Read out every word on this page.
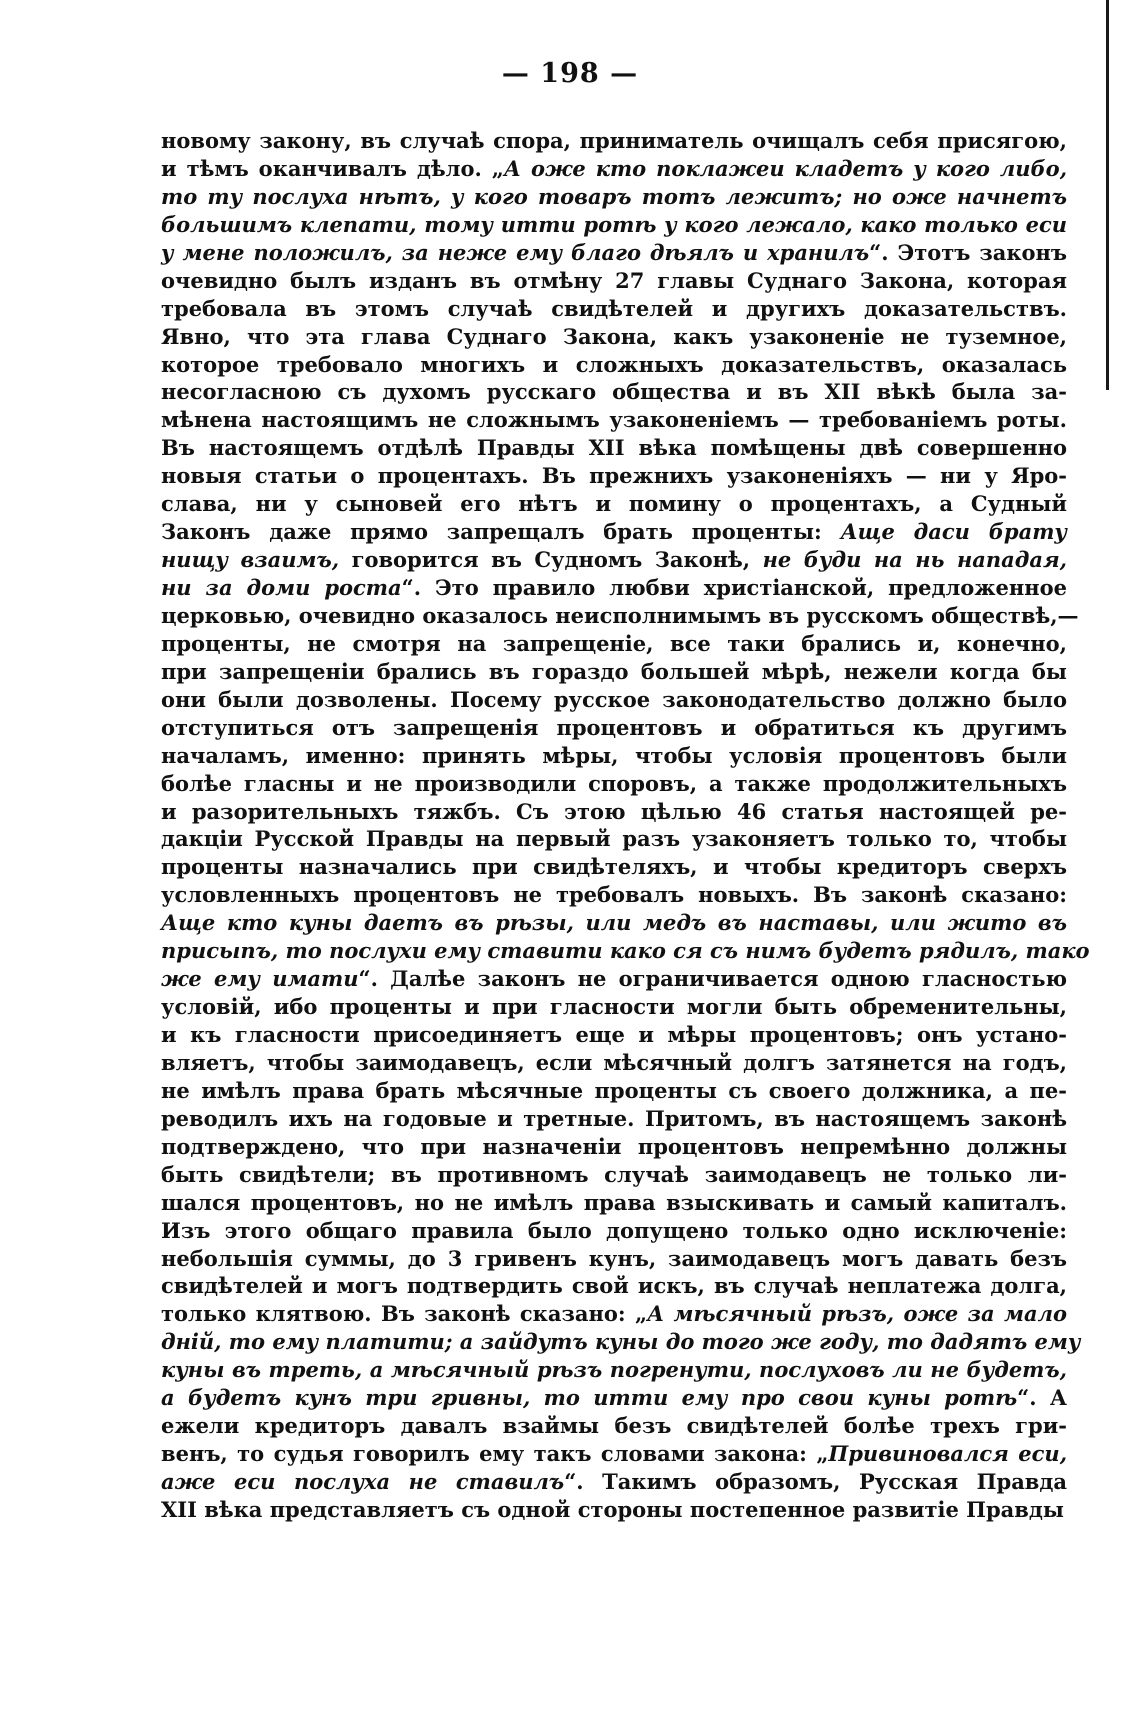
— 198 —
новому закону, въ случаѣ спора, приниматель очищалъ себя присягою,
и тѣмъ оканчивалъ дѣло. „А оже кто поклажеи кладетъ у кого либо,
то ту послуха нѣтъ, у кого товаръ тотъ лежитъ; но оже начнетъ
большимъ клепати, тому итти ротѣ у кого лежало, како только еси
у мене положилъ, за неже ему благо дѣялъ и хранилъ“. Этотъ законъ
очевидно былъ изданъ въ отмѣну 27 главы Суднаго Закона, которая
требовала въ этомъ случаѣ свидѣтелей и другихъ доказательствъ.
Явно, что эта глава Суднаго Закона, какъ узаконеніе не туземное,
которое требовало многихъ и сложныхъ доказательствъ, оказалась
несогласною съ духомъ русскаго общества и въ XII вѣкѣ была за-
мѣнена настоящимъ не сложнымъ узаконеніемъ — требованіемъ роты.
Въ настоящемъ отдѣлѣ Правды XII вѣка помѣщены двѣ совершенно
новыя статьи о процентахъ. Въ прежнихъ узаконеніяхъ — ни у Яро-
слава, ни у сыновей его нѣтъ и помину о процентахъ, а Судный
Законъ даже прямо запрещалъ брать проценты: Аще даси брату
нищу взаимъ, говорится въ Судномъ Законѣ, не буди на нь нападая,
ни за доми роста“. Это правило любви христіанской, предложенное
церковью, очевидно оказалось неисполнимымъ въ русскомъ обществѣ,—
проценты, не смотря на запрещеніе, все таки брались и, конечно,
при запрещеніи брались въ гораздо большей мѣрѣ, нежели когда бы
они были дозволены. Посему русское законодательство должно было
отступиться отъ запрещенія процентовъ и обратиться къ другимъ
началамъ, именно: принять мѣры, чтобы условія процентовъ были
болѣе гласны и не производили споровъ, а также продолжительныхъ
и разорительныхъ тяжбъ. Съ этою цѣлью 46 статья настоящей ре-
дакціи Русской Правды на первый разъ узаконяетъ только то, чтобы
проценты назначались при свидѣтеляхъ, и чтобы кредиторъ сверхъ
условленныхъ процентовъ не требовалъ новыхъ. Въ законѣ сказано:
Аще кто куны даетъ въ рѣзы, или медъ въ наставы, или жито въ
присыпъ, то послухи ему ставити како ся съ нимъ будетъ рядилъ, тако
же ему имати“. Далѣе законъ не ограничивается одною гласностью
условій, ибо проценты и при гласности могли быть обременительны,
и къ гласности присоединяетъ еще и мѣры процентовъ; онъ устано-
вляетъ, чтобы заимодавецъ, если мѣсячный долгъ затянется на годъ,
не имѣлъ права брать мѣсячные проценты съ своего должника, а пе-
реводилъ ихъ на годовые и третные. Притомъ, въ настоящемъ законѣ
подтверждено, что при назначеніи процентовъ непремѣнно должны
быть свидѣтели; въ противномъ случаѣ заимодавецъ не только ли-
шался процентовъ, но не имѣлъ права взыскивать и самый капиталъ.
Изъ этого общаго правила было допущено только одно исключеніе:
небольшія суммы, до 3 гривенъ кунъ, заимодавецъ могъ давать безъ
свидѣтелей и могъ подтвердить свой искъ, въ случаѣ неплатежа долга,
только клятвою. Въ законѣ сказано: „А мѣсячный рѣзъ, оже за мало
дній, то ему платити; а зайдутъ куны до того же году, то дадятъ ему
куны въ треть, а мѣсячный рѣзъ погренути, послуховъ ли не будетъ,
а будетъ кунъ три гривны, то итти ему про свои куны ротѣ“. А
ежели кредиторъ давалъ взаймы безъ свидѣтелей болѣе трехъ гри-
венъ, то судья говорилъ ему такъ словами закона: „Привиновался еси,
аже еси послуха не ставилъ“. Такимъ образомъ, Русская Правда
XII вѣка представляетъ съ одной стороны постепенное развитіе Правды
